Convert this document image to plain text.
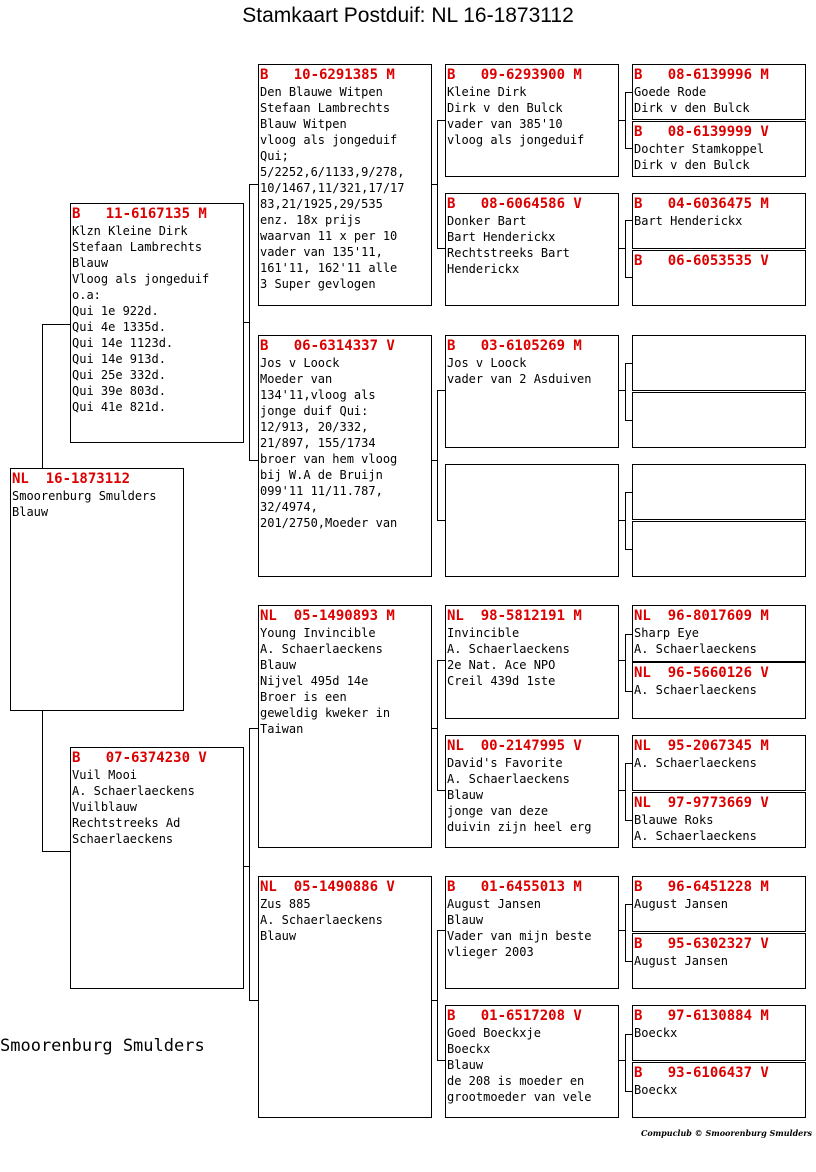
Stamkaart Postduif: NL 16-1873112
NL  16-1873112
Smoorenburg Smulders
Blauw
B   11-6167135 M
Klzn Kleine Dirk
Stefaan Lambrechts
Blauw
Vloog als jongeduif
o.a:
Qui 1e 922d.
Qui 4e 1335d.
Qui 14e 1123d.
Qui 14e 913d.
Qui 25e 332d.
Qui 39e 803d.
Qui 41e 821d.
B   07-6374230 V
Vuil Mooi
A. Schaerlaeckens
Vuilblauw
Rechtstreeks Ad
Schaerlaeckens
B   10-6291385 M
Den Blauwe Witpen
Stefaan Lambrechts
Blauw Witpen
vloog als jongeduif
Qui;
5/2252,6/1133,9/278,
10/1467,11/321,17/17
83,21/1925,29/535
enz. 18x prijs
waarvan 11 x per 10
vader van 135'11,
161'11, 162'11 alle
3 Super gevlogen
B   06-6314337 V
Jos v Loock
Moeder van
134'11,vloog als
jonge duif Qui:
12/913, 20/332,
21/897, 155/1734
broer van hem vloog
bij W.A de Bruijn
099'11 11/11.787,
32/4974,
201/2750,Moeder van
NL  05-1490893 M
Young Invincible
A. Schaerlaeckens
Blauw
Nijvel 495d 14e
Broer is een
geweldig kweker in
Taiwan
NL  05-1490886 V
Zus 885
A. Schaerlaeckens
Blauw
B   09-6293900 M
Kleine Dirk
Dirk v den Bulck
vader van 385'10
vloog als jongeduif
B   08-6064586 V
Donker Bart
Bart Henderickx
Rechtstreeks Bart
Henderickx
B   03-6105269 M
Jos v Loock
vader van 2 Asduiven
NL  98-5812191 M
Invincible
A. Schaerlaeckens
2e Nat. Ace NPO
Creil 439d 1ste
NL  00-2147995 V
David's Favorite
A. Schaerlaeckens
Blauw
jonge van deze
duivin zijn heel erg
B   01-6455013 M
August Jansen
Blauw
Vader van mijn beste
vlieger 2003
B   01-6517208 V
Goed Boeckxje
Boeckx
Blauw
de 208 is moeder en
grootmoeder van vele
B   08-6139996 M
Goede Rode
Dirk v den Bulck
B   08-6139999 V
Dochter Stamkoppel
Dirk v den Bulck
B   04-6036475 M
Bart Henderickx
B   06-6053535 V
NL  96-8017609 M
Sharp Eye
A. Schaerlaeckens
NL  96-5660126 V
A. Schaerlaeckens
NL  95-2067345 M
A. Schaerlaeckens
NL  97-9773669 V
Blauwe Roks
A. Schaerlaeckens
B   96-6451228 M
August Jansen
B   95-6302327 V
August Jansen
B   97-6130884 M
Boeckx
B   93-6106437 V
Boeckx
Smoorenburg Smulders
Compuclub © Smoorenburg Smulders
